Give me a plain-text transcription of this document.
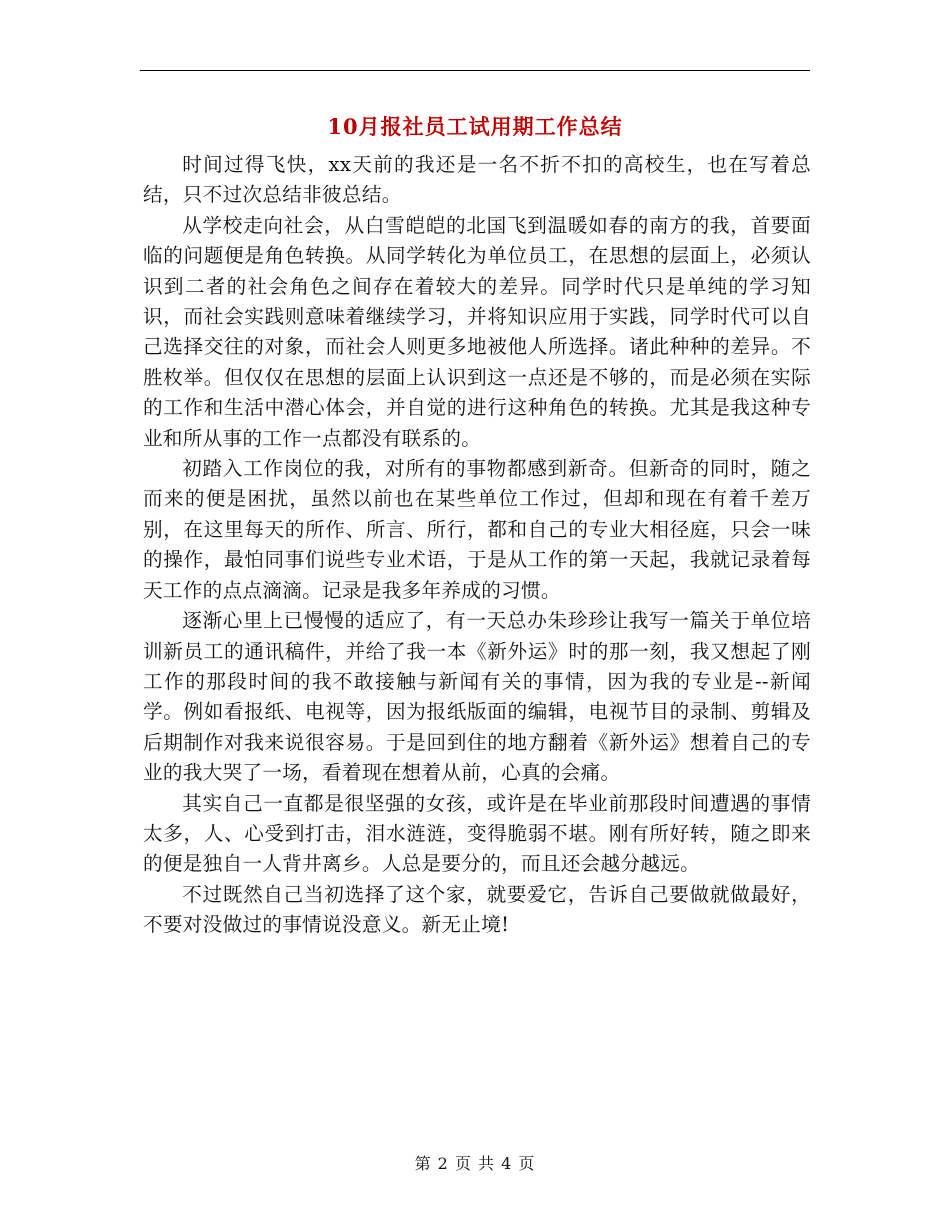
10月报社员工试用期工作总结

时间过得飞快，xx天前的我还是一名不折不扣的高校生，也在写着总结，只不过次总结非彼总结。

从学校走向社会，从白雪皑皑的北国飞到温暖如春的南方的我，首要面临的问题便是角色转换。从同学转化为单位员工，在思想的层面上，必须认识到二者的社会角色之间存在着较大的差异。同学时代只是单纯的学习知识，而社会实践则意味着继续学习，并将知识应用于实践，同学时代可以自己选择交往的对象，而社会人则更多地被他人所选择。诸此种种的差异。不胜枚举。但仅仅在思想的层面上认识到这一点还是不够的，而是必须在实际的工作和生活中潜心体会，并自觉的进行这种角色的转换。尤其是我这种专业和所从事的工作一点都没有联系的。

初踏入工作岗位的我，对所有的事物都感到新奇。但新奇的同时，随之而来的便是困扰，虽然以前也在某些单位工作过，但却和现在有着千差万别，在这里每天的所作、所言、所行，都和自己的专业大相径庭，只会一味的操作，最怕同事们说些专业术语，于是从工作的第一天起，我就记录着每天工作的点点滴滴。记录是我多年养成的习惯。

逐渐心里上已慢慢的适应了，有一天总办朱珍珍让我写一篇关于单位培训新员工的通讯稿件，并给了我一本《新外运》时的那一刻，我又想起了刚工作的那段时间的我不敢接触与新闻有关的事情，因为我的专业是--新闻学。例如看报纸、电视等，因为报纸版面的编辑，电视节目的录制、剪辑及后期制作对我来说很容易。于是回到住的地方翻着《新外运》想着自己的专业的我大哭了一场，看着现在想着从前，心真的会痛。

其实自己一直都是很坚强的女孩，或许是在毕业前那段时间遭遇的事情太多，人、心受到打击，泪水涟涟，变得脆弱不堪。刚有所好转，随之即来的便是独自一人背井离乡。人总是要分的，而且还会越分越远。

不过既然自己当初选择了这个家，就要爱它，告诉自己要做就做最好，不要对没做过的事情说没意义。新无止境!

第 2 页 共 4 页
